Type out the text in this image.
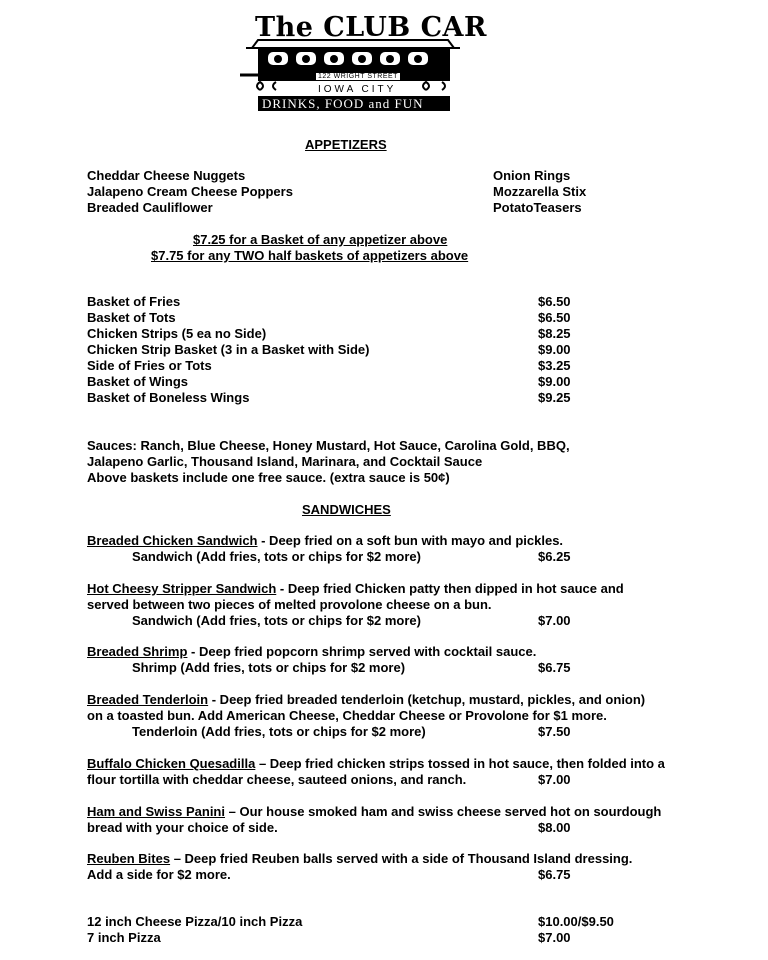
The CLUB CAR
122 WRIGHT STREET
IOWA CITY
DRINKS, FOOD and FUN
APPETIZERS
Cheddar Cheese Nuggets
Jalapeno Cream Cheese Poppers
Breaded Cauliflower
Onion Rings
Mozzarella Stix
PotatoTeasers
$7.25 for a Basket of any appetizer above
$7.75 for any TWO half baskets of appetizers above
Basket of Fries	$6.50
Basket of Tots	$6.50
Chicken Strips (5 ea no Side)	$8.25
Chicken Strip Basket (3 in a Basket with Side)	$9.00
Side of Fries or Tots	$3.25
Basket of Wings	$9.00
Basket of Boneless Wings	$9.25
Sauces: Ranch, Blue Cheese, Honey Mustard, Hot Sauce, Carolina Gold, BBQ,
Jalapeno Garlic, Thousand Island, Marinara, and Cocktail Sauce
Above baskets include one free sauce. (extra sauce is 50¢)
SANDWICHES
Breaded Chicken Sandwich - Deep fried on a soft bun with mayo and pickles.
Sandwich (Add fries, tots or chips for $2 more)	$6.25
Hot Cheesy Stripper Sandwich - Deep fried Chicken patty then dipped in hot sauce and
served between two pieces of melted provolone cheese on a bun.
Sandwich (Add fries, tots or chips for $2 more)	$7.00
Breaded Shrimp - Deep fried popcorn shrimp served with cocktail sauce.
Shrimp (Add fries, tots or chips for $2 more)	$6.75
Breaded Tenderloin - Deep fried breaded tenderloin (ketchup, mustard, pickles, and onion)
on a toasted bun. Add American Cheese, Cheddar Cheese or Provolone for $1 more.
Tenderloin (Add fries, tots or chips for $2 more)	$7.50
Buffalo Chicken Quesadilla – Deep fried chicken strips tossed in hot sauce, then folded into a
flour tortilla with cheddar cheese, sauteed onions, and ranch.	$7.00
Ham and Swiss Panini – Our house smoked ham and swiss cheese served hot on sourdough
bread with your choice of side.	$8.00
Reuben Bites – Deep fried Reuben balls served with a side of Thousand Island dressing.
Add a side for $2 more.	$6.75
12 inch Cheese Pizza/10 inch Pizza	$10.00/$9.50
7 inch Pizza	$7.00
